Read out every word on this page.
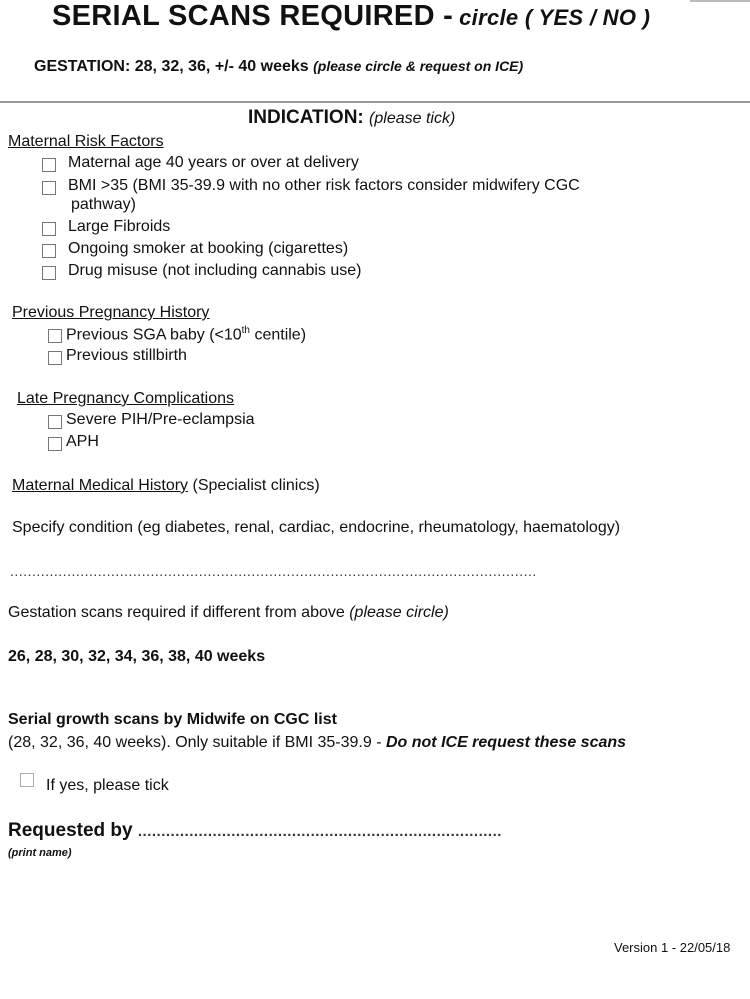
SERIAL SCANS REQUIRED - circle ( YES / NO )
GESTATION: 28, 32, 36, +/- 40 weeks (please circle & request on ICE)
INDICATION: (please tick)
Maternal Risk Factors
Maternal age 40 years or over at delivery
BMI >35 (BMI 35-39.9 with no other risk factors consider midwifery CGC
pathway)
Large Fibroids
Ongoing smoker at booking (cigarettes)
Drug misuse (not including cannabis use)
Previous Pregnancy History
Previous SGA baby (<10th centile)
Previous stillbirth
Late Pregnancy Complications
Severe PIH/Pre-eclampsia
APH
Maternal Medical History (Specialist clinics)
Specify condition (eg diabetes, renal, cardiac, endocrine, rheumatology, haematology)
........................................................................................................................
Gestation scans required if different from above (please circle)
26, 28, 30, 32, 34, 36, 38, 40 weeks
Serial growth scans by Midwife on CGC list
(28, 32, 36, 40 weeks). Only suitable if BMI 35-39.9 - Do not ICE request these scans
If yes, please tick
Requested by ..............................................................................
(print name)
Version 1 - 22/05/18
